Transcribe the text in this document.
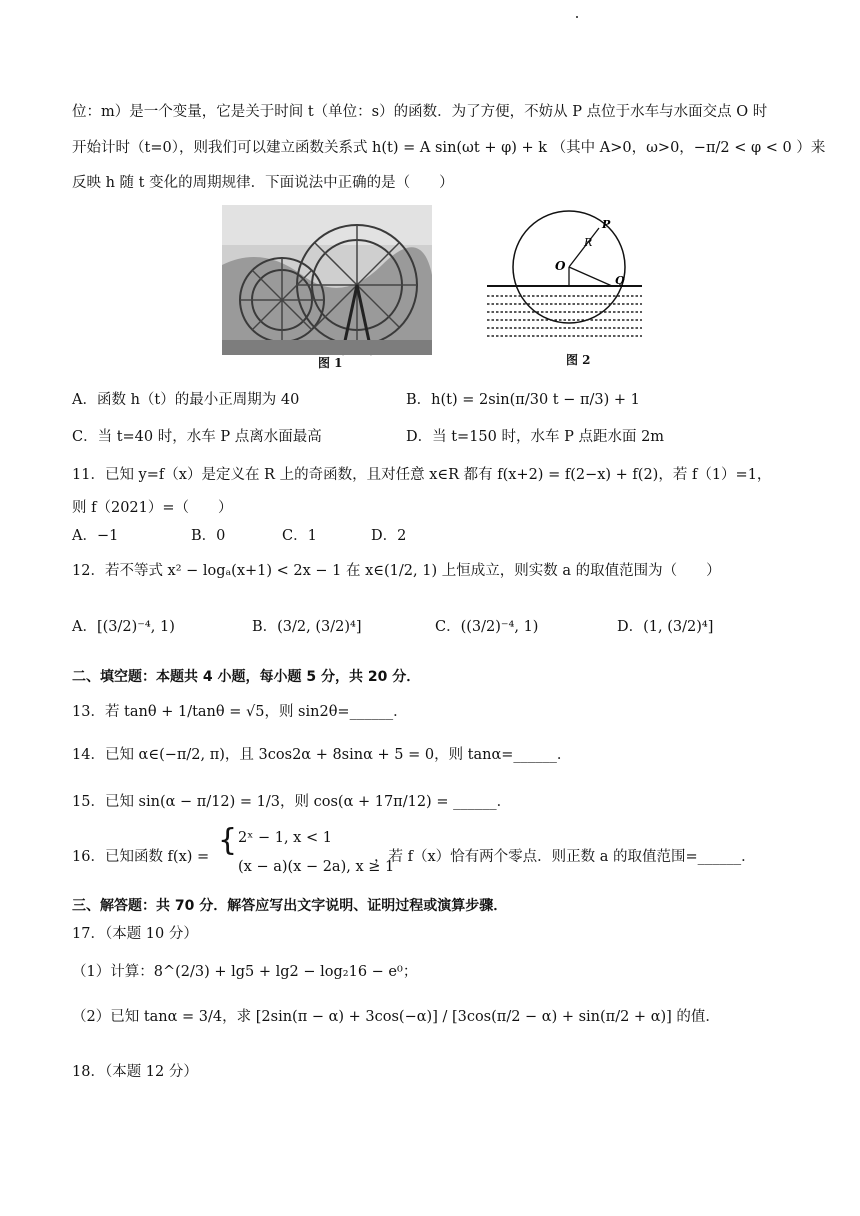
位：m）是一个变量，它是关于时间 t（单位：s）的函数．为了方便，不妨从 P 点位于水车与水面交点 O 时
开始计时（t=0），则我们可以建立函数关系式 h(t) = A sin(ωt + φ) + k （其中 A>0，ω>0，−π/2 < φ < 0 ）来
反映 h 随 t 变化的周期规律．下面说法中正确的是（　　）
图 1
O
R
P
Q
图 2
A．函数 h（t）的最小正周期为 40	B．h(t) = 2sin(π/30 t − π/3) + 1
C．当 t=40 时，水车 P 点离水面最高	D．当 t=150 时，水车 P 点距水面 2m
11．已知 y=f（x）是定义在 R 上的奇函数，且对任意 x∈R 都有 f(x+2) = f(2−x) + f(2)，若 f（1）=1，
则 f（2021）=（　　）
A．−1	B．0	C．1	D．2
12．若不等式 x² − logₐ(x+1) < 2x − 1 在 x∈(1/2, 1) 上恒成立，则实数 a 的取值范围为（　　）
A．[(3/2)⁻⁴, 1)	B．(3/2, (3/2)⁴]	C．((3/2)⁻⁴, 1)	D．(1, (3/2)⁴]
二、填空题：本题共 4 小题，每小题 5 分，共 20 分．
13．若 tanθ + 1/tanθ = √5，则 sin2θ=______．
14．已知 α∈(−π/2, π)，且 3cos2α + 8sinα + 5 = 0，则 tanα=______．
15．已知 sin(α − π/12) = 1/3，则 cos(α + 17π/12) = ______．
16．已知函数 f(x) = { 2ˣ − 1, x < 1
(x − a)(x − 2a), x ≥ 1
，若 f（x）恰有两个零点．则正数 a 的取值范围=______．
三、解答题：共 70 分．解答应写出文字说明、证明过程或演算步骤．
17．（本题 10 分）
（1）计算：8^(2/3) + lg5 + lg2 − log₂16 − e⁰；
（2）已知 tanα = 3/4，求 [2sin(π − α) + 3cos(−α)] / [3cos(π/2 − α) + sin(π/2 + α)] 的值．
18．（本题 12 分）
